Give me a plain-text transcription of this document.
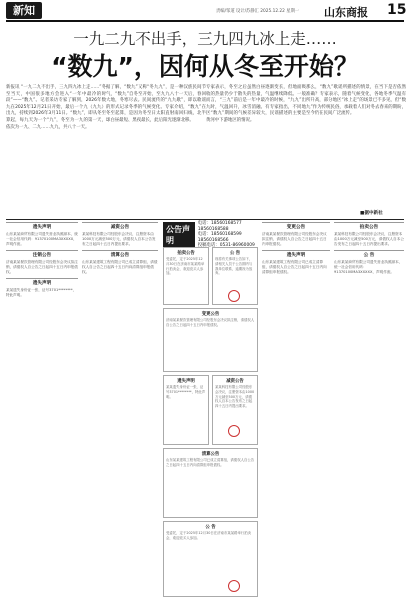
新知	责编/邹道 设计/苏静汇 2025.12.22 星期一 山东商报 15
一九二九不出手，三九四九冰上走……
“数九”，因何从冬至开始？
新报讯 “一九二九不出手，三九四九冰上走……”冬至当天，中国很多地方会进入“一年中最冷的时段”——“数九”。记者采访专家了解到，2026年数九在2025年12月21日开始，最后一个九（九九）出九，持续到2026年3月11日。“数九”，即从冬至算起，每九天为一个“九”，冬至为一九的第一天，依次为一九、二九……九九，共八十一天。
据了解，“数九”又称“冬九九”，是一种汉族民间节气，“数九”自冬至开始，至九九八十一天后，春回大地，冬寒尽去。民间流传的“九九歌”，即以歌谣的形式记录冬季的气候变化。专家介绍，“数九”在冬至起算，是因为冬至日太阳直射南回归线，北半球白昼最短、黑夜最长，此后阳光逐渐北移。
专家表示，冬至之后虽然白昼逐渐变长，但地面吸收的热量仍少于散失的热量，气温继续降低。一般而言，“三九”前后是一年中最冷的时候，“九九”出九时，气温回升，冰雪消融。有专家指出，不同地区“数九”期间的气候差异较大，民谣描述的主要是黄河中下游地区的情况。
那么，“数九”歌谣所描述的情景，在当下是否依然准确？专家表示，随着气候变化，各地冬季气温有所升高，部分地区“冰上走”的场景已不多见，但“数九”作为传统民俗，承载着人们对冬去春来的期盼，至今仍在民间广泛流传。
■据中新社
遗失声明
山东某某商贸有限公司遗失营业执照副本，统一社会信用代码：91370100MA3XXXXX，声明作废。
注销公告
济南某某餐饮管理有限公司经股东会决议拟注销，请债权人自公告之日起四十五日内申报债权。
遗失声明
某某遗失身份证一张，证号3701********，特此声明。
减资公告
某某科技有限公司经股东会决议，注册资本由1000万元减至500万元，请债权人自本公告发布之日起四十五日内提出要求。
清算公告
山东某某建筑工程有限公司已成立清算组，请债权人自公告之日起四十五日内向清算组申报债权。
公告声明
电话：18560168577 18560168588
电话：18560168599 18560168566
投稿电话：0531-86960009
拍卖公告
受委托，定于2025年12月30日在济南市某某路举行拍卖会，欢迎竞买人参加。
公 告
现将有关事项公告如下，请相关人员于公告期内与我单位联系，逾期视为放弃。
变更公告
济南某某餐饮管理有限公司经股东会决议拟注销，请债权人自公告之日起四十五日内申报债权。
遗失声明
某某遗失身份证一张，证号3701********，特此声明。
减资公告
某某科技有限公司经股东会决议，注册资本由1000万元减至500万元，请债权人自本公告发布之日起四十五日内提出要求。
清算公告
山东某某建筑工程有限公司已成立清算组，请债权人自公告之日起四十五日内向清算组申报债权。
公 告
受委托，定于2025年12月30日在济南市某某路举行拍卖会，欢迎竞买人参加。
变更公告
济南某某餐饮管理有限公司经股东会决议拟注销，请债权人自公告之日起四十五日内申报债权。
遗失声明
山东某某建筑工程有限公司已成立清算组，请债权人自公告之日起四十五日内向清算组申报债权。
拍卖公告
某某科技有限公司经股东会决议，注册资本由1000万元减至500万元，请债权人自本公告发布之日起四十五日内提出要求。
公 告
山东某某商贸有限公司遗失营业执照副本，统一社会信用代码：91370100MA3XXXXX，声明作废。
